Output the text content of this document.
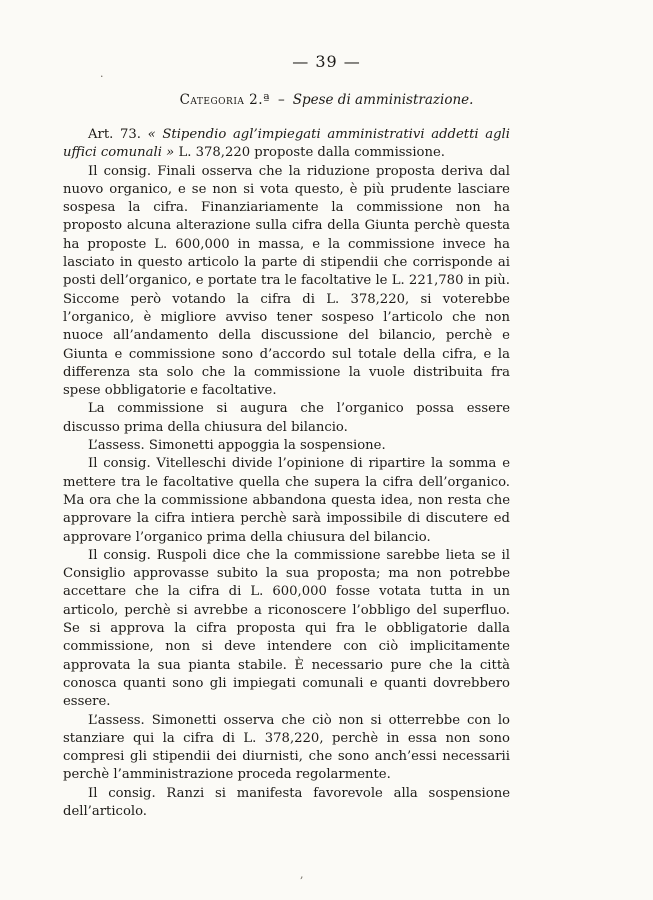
·
,
— 39 —
Categoria 2.ª – Spese di amministrazione.

Art. 73. « Stipendio agl’impiegati amministrativi addetti agli uffici comunali » L. 378,220 proposte dalla commissione.

Il consig. Finali osserva che la riduzione proposta deriva dal nuovo organico, e se non si vota questo, è più prudente lasciare sospesa la cifra. Finanziariamente la commissione non ha proposto alcuna alterazione sulla cifra della Giunta perchè questa ha proposte L. 600,000 in massa, e la commissione invece ha lasciato in questo articolo la parte di stipendii che corrisponde ai posti dell’organico, e portate tra le facoltative le L. 221,780 in più. Siccome però votando la cifra di L. 378,220, si voterebbe l’organico, è migliore avviso tener sospeso l’articolo che non nuoce all’andamento della discussione del bilancio, perchè e Giunta e commissione sono d’accordo sul totale della cifra, e la differenza sta solo che la commissione la vuole distribuita fra spese obbligatorie e facoltative.

La commissione si augura che l’organico possa essere discusso prima della chiusura del bilancio.

L’assess. Simonetti appoggia la sospensione.

Il consig. Vitelleschi divide l’opinione di ripartire la somma e mettere tra le facoltative quella che supera la cifra dell’organico. Ma ora che la commissione abbandona questa idea, non resta che approvare la cifra intiera perchè sarà impossibile di discutere ed approvare l’organico prima della chiusura del bilancio.

Il consig. Ruspoli dice che la commissione sarebbe lieta se il Consiglio approvasse subito la sua proposta; ma non potrebbe accettare che la cifra di L. 600,000 fosse votata tutta in un articolo, perchè si avrebbe a riconoscere l’obbligo del superfluo. Se si approva la cifra proposta qui fra le obbligatorie dalla commissione, non si deve intendere con ciò implicitamente approvata la sua pianta stabile. È necessario pure che la città conosca quanti sono gli impiegati comunali e quanti dovrebbero essere.

L’assess. Simonetti osserva che ciò non si otterrebbe con lo stanziare qui la cifra di L. 378,220, perchè in essa non sono compresi gli stipendii dei diurnisti, che sono anch’essi necessarii perchè l’amministrazione proceda regolarmente.

Il consig. Ranzi si manifesta favorevole alla sospensione dell’articolo.
